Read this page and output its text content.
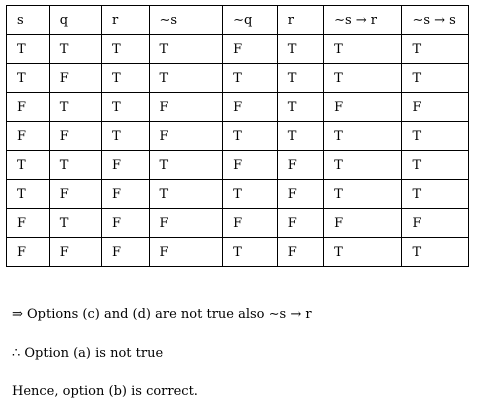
s	q	r	∼s	∼q	r	∼s → r	∼s → s
T	T	T	T	F	T	T	T
T	F	T	T	T	T	T	T
F	T	T	F	F	T	F	F
F	F	T	F	T	T	T	T
T	T	F	T	F	F	T	T
T	F	F	T	T	F	T	T
F	T	F	F	F	F	F	F
F	F	F	F	T	F	T	T
⇒ Options (c) and (d) are not true also ∼s → r
∴ Option (a) is not true
Hence, option (b) is correct.
